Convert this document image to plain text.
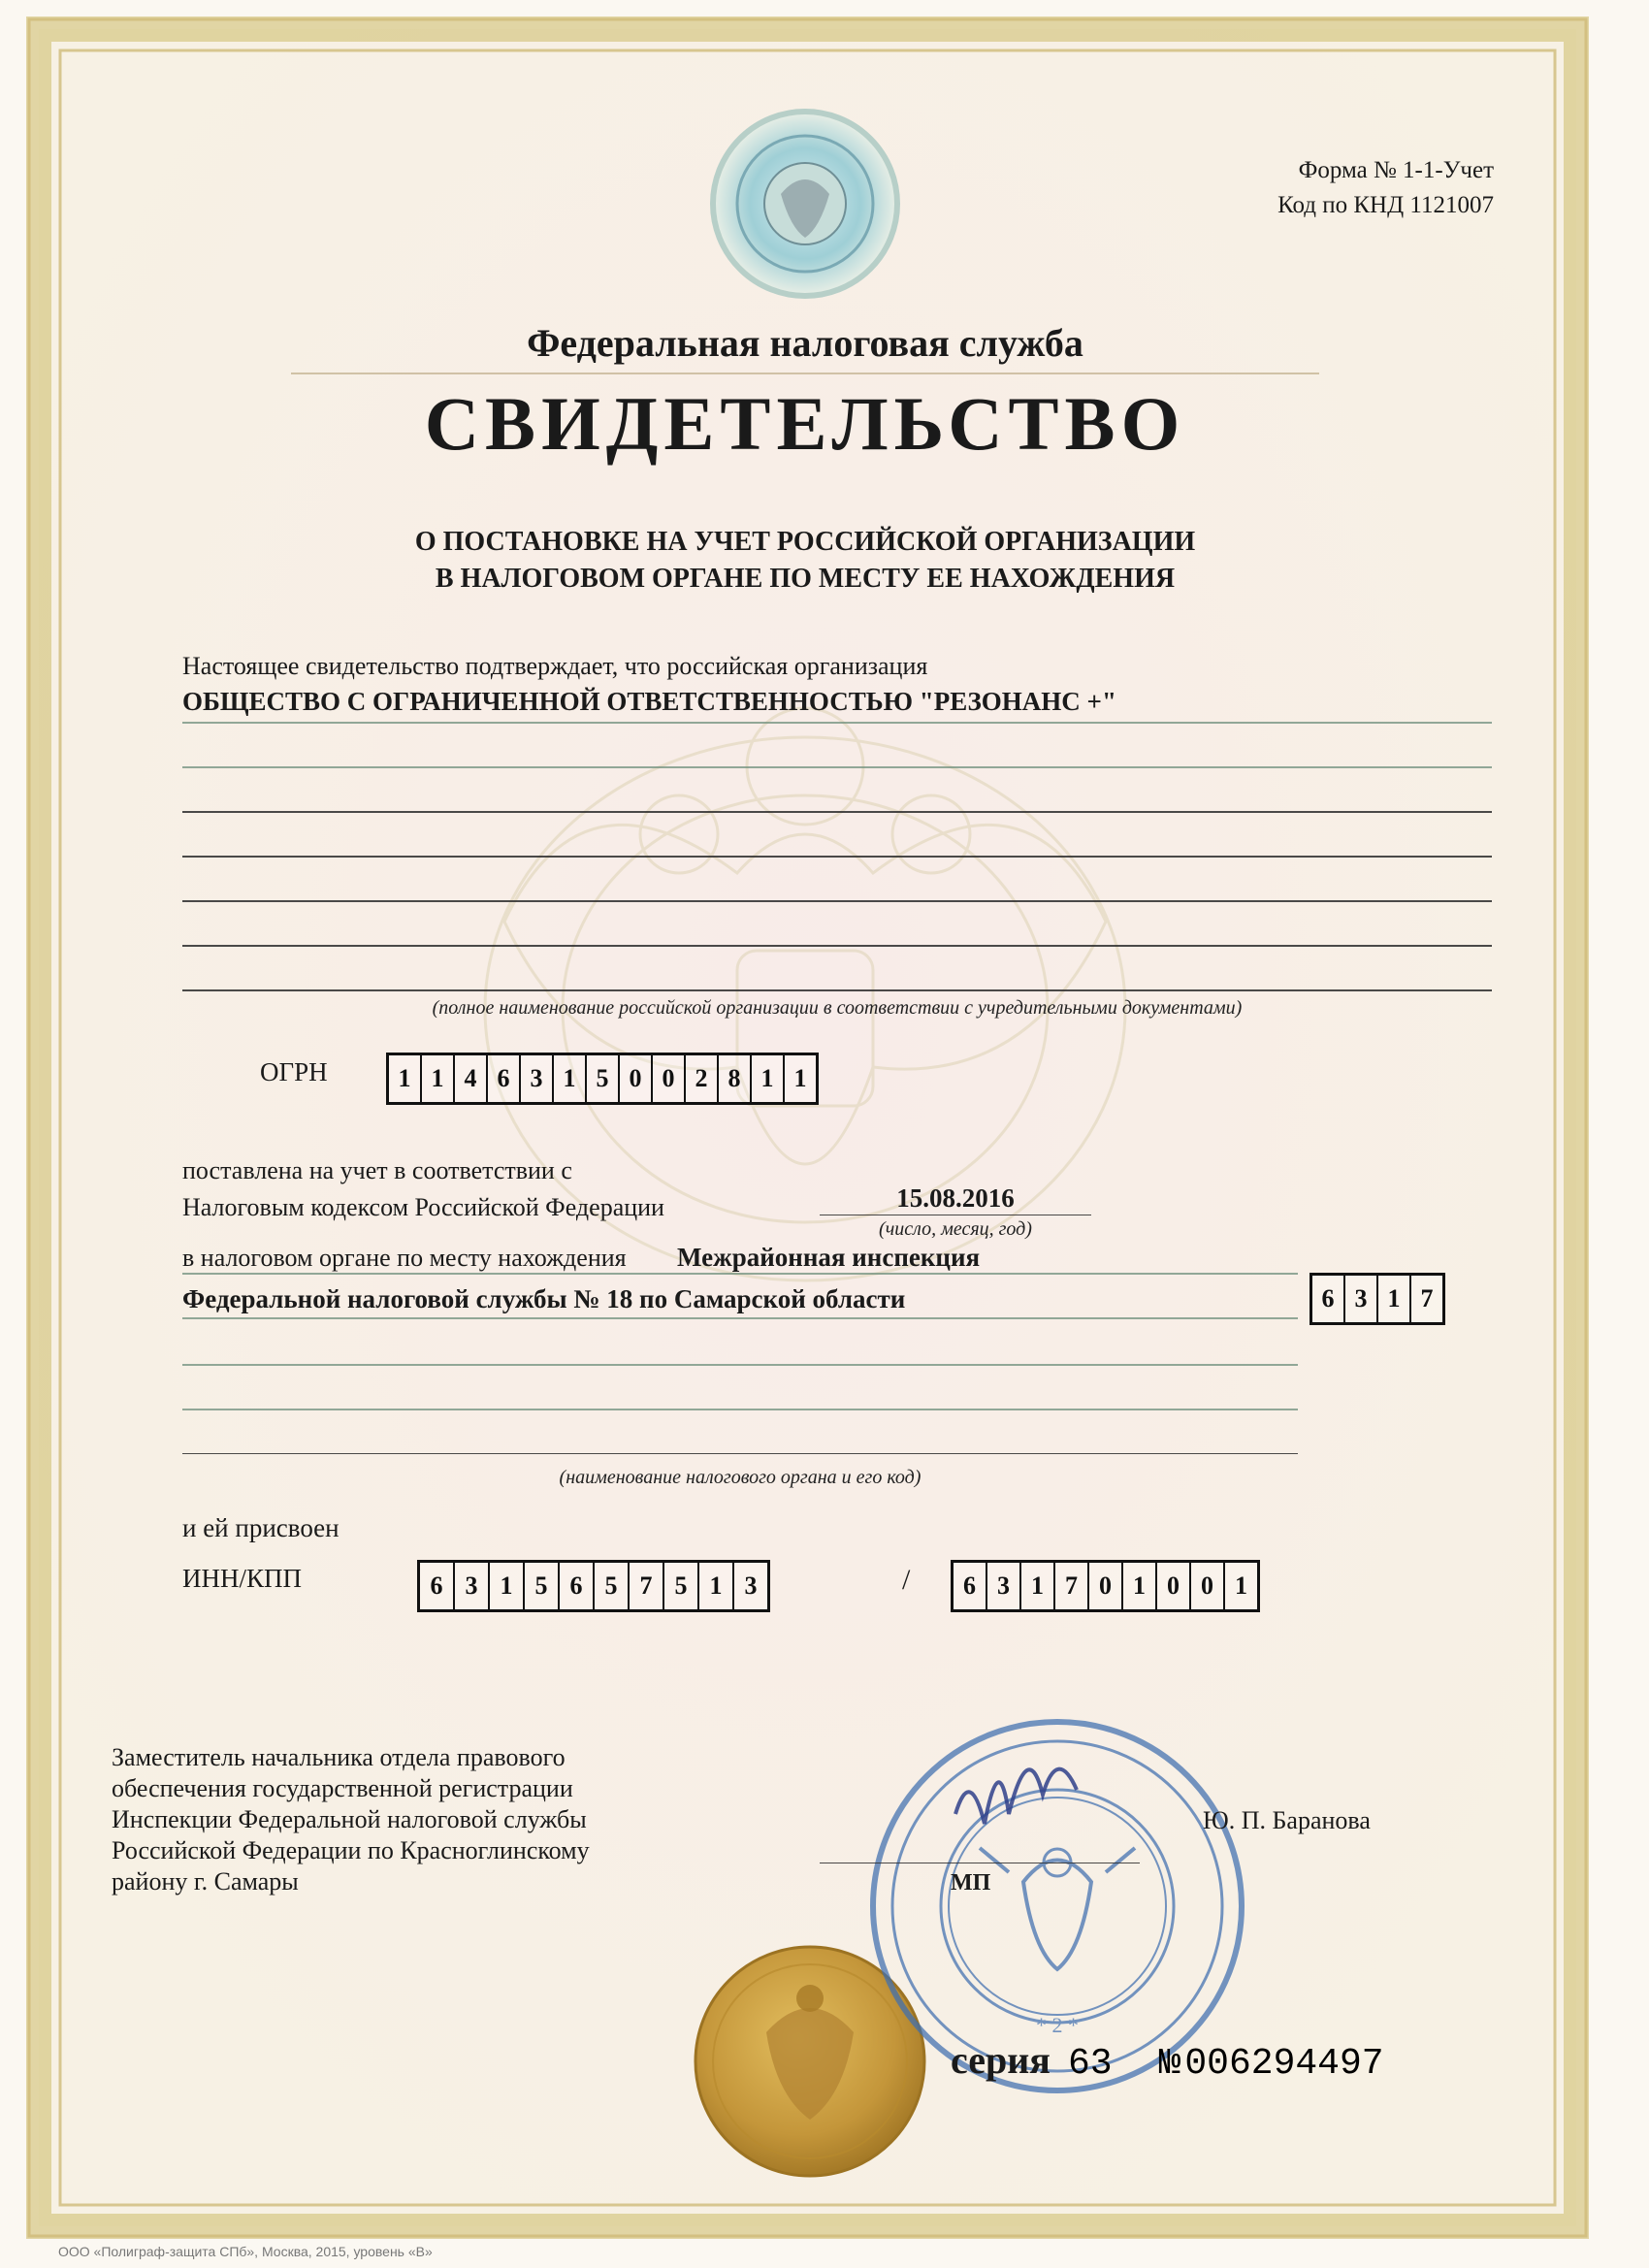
* 2 *
Форма № 1-1-Учет
Код по КНД 1121007
Федеральная налоговая служба
СВИДЕТЕЛЬСТВО
О ПОСТАНОВКЕ НА УЧЕТ РОССИЙСКОЙ ОРГАНИЗАЦИИ
В НАЛОГОВОМ ОРГАНЕ ПО МЕСТУ ЕЕ НАХОЖДЕНИЯ
Настоящее свидетельство подтверждает, что российская организация
ОБЩЕСТВО С ОГРАНИЧЕННОЙ ОТВЕТСТВЕННОСТЬЮ "РЕЗОНАНС +"
(полное наименование российской организации в соответствии с учредительными документами)
ОГРН	1 1 4 6 3 1 5 0 0 2 8 1 1
поставлена на учет в соответствии с
Налоговым кодексом Российской Федерации	15.08.2016
(число, месяц, год)
в налоговом органе по месту нахождения Межрайонная инспекция
Федеральной налоговой службы № 18 по Самарской области	6 3 1 7
(наименование налогового органа и его код)
и ей присвоен
ИНН/КПП	6 3 1 5 6 5 7 5 1 3	/	6 3 1 7 0 1 0 0 1
Заместитель начальника отдела правового
обеспечения государственной регистрации
Инспекции Федеральной налоговой службы
Российской Федерации по Красноглинскому
району г. Самары
Ю. П. Баранова
МП
серия 63 № 006294497
ООО «Полиграф-защита СПб», Москва, 2015, уровень «В»
